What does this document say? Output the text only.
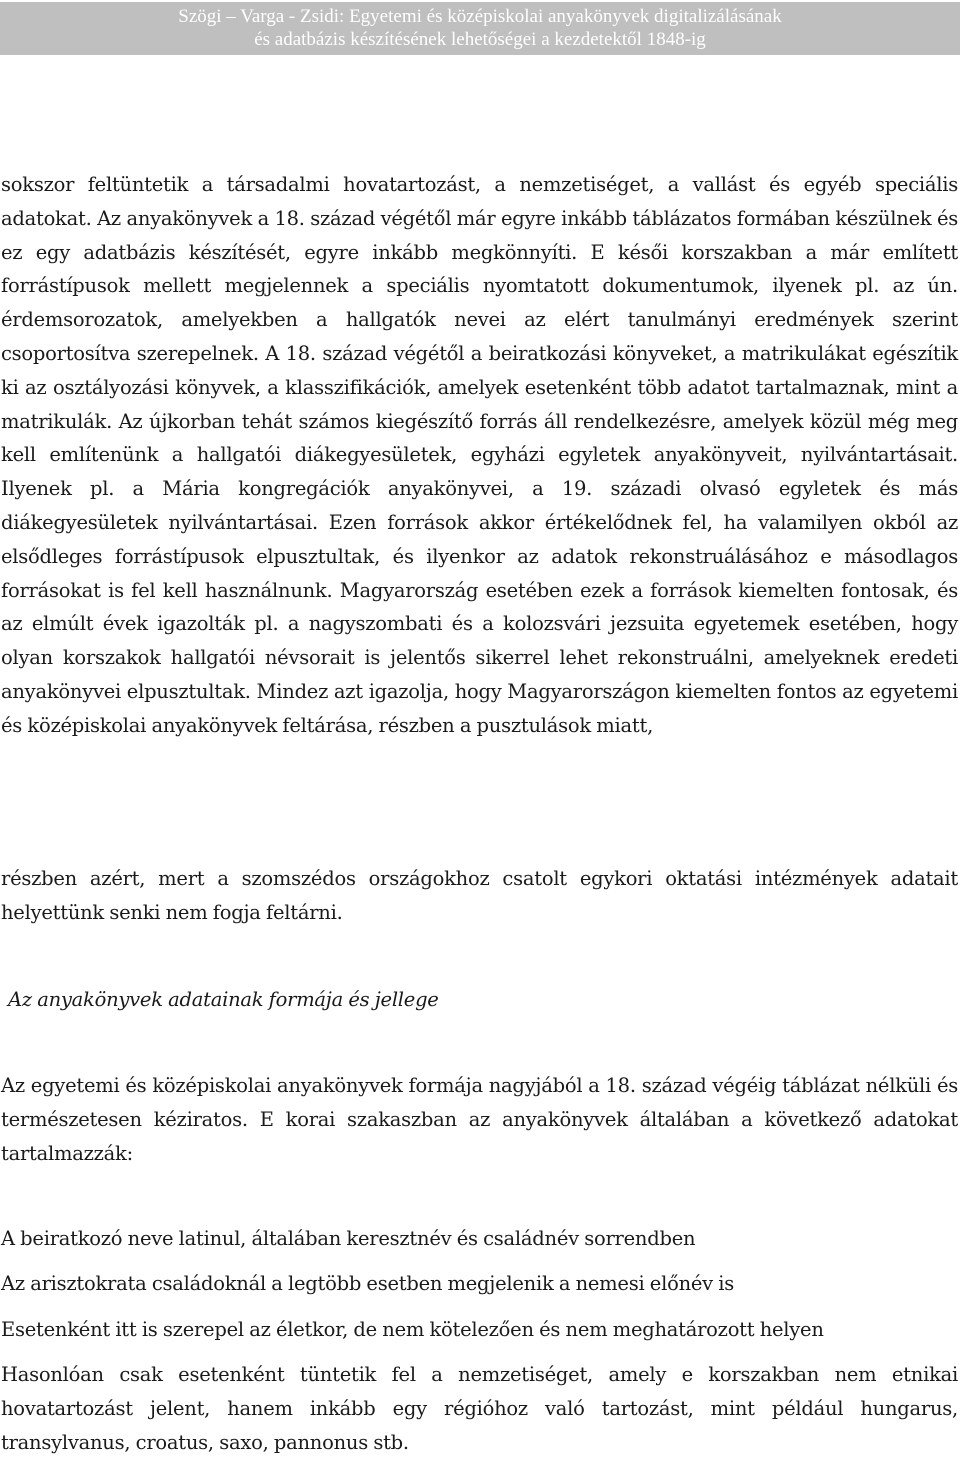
Szögi – Varga - Zsidi: Egyetemi és középiskolai anyakönyvek digitalizálásának
és adatbázis készítésének lehetőségei a kezdetektől 1848-ig

sokszor feltüntetik a társadalmi hovatartozást, a nemzetiséget, a vallást és egyéb speciális adatokat. Az anyakönyvek a 18. század végétől már egyre inkább táblázatos formában készülnek és ez egy adatbázis készítését, egyre inkább megkönnyíti. E késői korszakban a már említett forrástípusok mellett megjelennek a speciális nyomtatott dokumentumok, ilyenek pl. az ún. érdemsorozatok, amelyekben a hallgatók nevei az elért tanulmányi eredmények szerint csoportosítva szerepelnek. A 18. század végétől a beiratkozási könyveket, a matrikulákat egészítik ki az osztályozási könyvek, a klasszifikációk, amelyek esetenként több adatot tartalmaznak, mint a matrikulák. Az újkorban tehát számos kiegészítő forrás áll rendelkezésre, amelyek közül még meg kell említenünk a hallgatói diákegyesületek, egyházi egyletek anyakönyveit, nyilvántartásait. Ilyenek pl. a Mária kongregációk anyakönyvei, a 19. századi olvasó egyletek és más diákegyesületek nyilvántartásai. Ezen források akkor értékelődnek fel, ha valamilyen okból az elsődleges forrástípusok elpusztultak, és ilyenkor az adatok rekonstruálásához e másodlagos forrásokat is fel kell használnunk. Magyarország esetében ezek a források kiemelten fontosak, és az elmúlt évek igazolták pl. a nagyszombati és a kolozsvári jezsuita egyetemek esetében, hogy olyan korszakok hallgatói névsorait is jelentős sikerrel lehet rekonstruálni, amelyeknek eredeti anyakönyvei elpusztultak. Mindez azt igazolja, hogy Magyarországon kiemelten fontos az egyetemi és középiskolai anyakönyvek feltárása, részben a pusztulások miatt,

részben azért, mert a szomszédos országokhoz csatolt egykori oktatási intézmények adatait helyettünk senki nem fogja feltárni.

Az anyakönyvek adatainak formája és jellege

Az egyetemi és középiskolai anyakönyvek formája nagyjából a 18. század végéig táblázat nélküli és természetesen kéziratos. E korai szakaszban az anyakönyvek általában a következő adatokat tartalmazzák:

A beiratkozó neve latinul, általában keresztnév és családnév sorrendben
Az arisztokrata családoknál a legtöbb esetben megjelenik a nemesi előnév is
Esetenként itt is szerepel az életkor, de nem kötelezően és nem meghatározott helyen
Hasonlóan csak esetenként tüntetik fel a nemzetiséget, amely e korszakban nem etnikai hovatartozást jelent, hanem inkább egy régióhoz való tartozást, mint például hungarus, transylvanus, croatus, saxo, pannonus stb.
